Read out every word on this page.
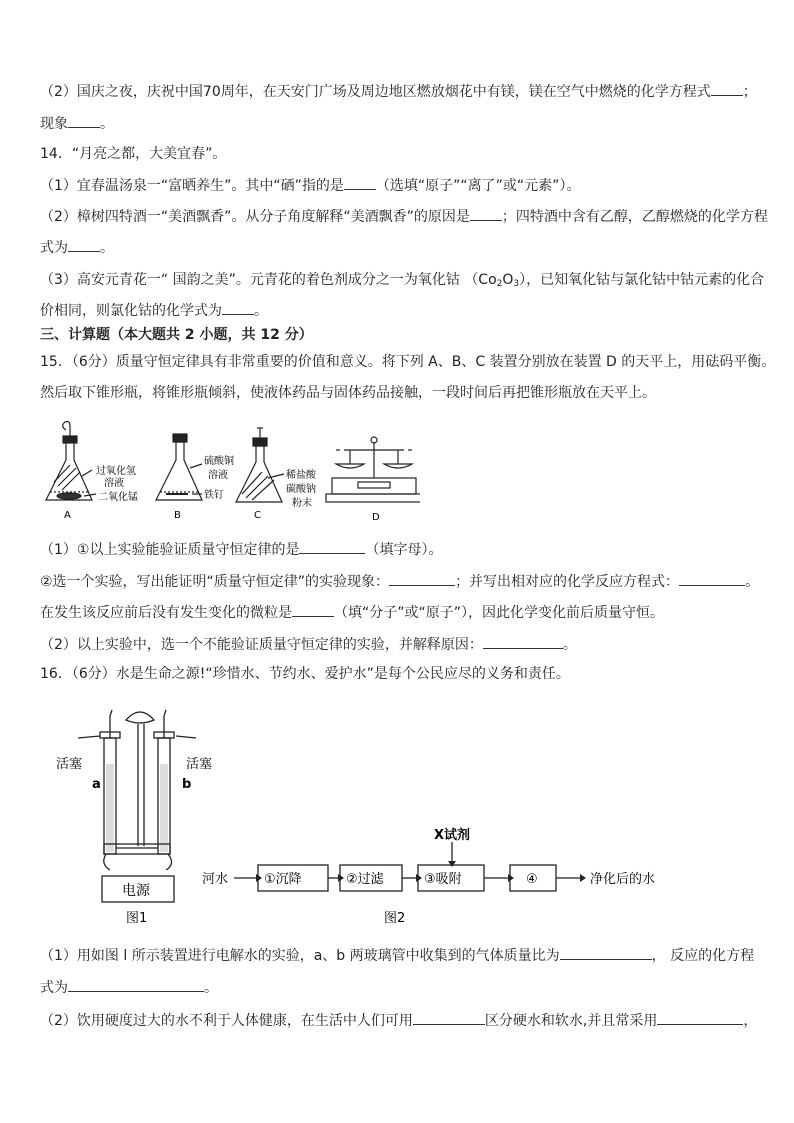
（2）国庆之夜，庆祝中国70周年，在天安门广场及周边地区燃放烟花中有镁，镁在空气中燃烧的化学方程式 ；
现象 。
14．“月亮之都，大美宜春”。
（1）宜春温汤泉一“富晒养生”。其中“硒”指的是 （选填“原子”“离了”或“元素”）。
（2）樟树四特酒一“美酒飘香”。从分子角度解释“美酒飘香”的原因是 ；四特酒中含有乙醇，乙醇燃烧的化学方程
式为 。
（3）高安元青花一“ 国韵之美”。元青花的着色剂成分之一为氧化钴 $(Co_2O_3)$，已知氧化钴与氯化钴中钴元素的化合
价相同，则氯化钴的化学式为 。
三、计算题（本大题共 2 小题，共 12 分）
15．（6分）质量守恒定律具有非常重要的价值和意义。将下列 A、B、C 装置分别放在装置 D 的天平上，用砝码平衡。
然后取下锥形瓶，将锥形瓶倾斜，使液体药品与固体药品接触，一段时间后再把锥形瓶放在天平上。
过氧化氢
溶液
二氧化锰
A
硫酸铜
溶液
铁钉
B
稀盐酸
碳酸钠
粉末
C	D
（1）①以上实验能验证质量守恒定律的是	（填字母）。
②选一个实验，写出能证明“质量守恒定律”的实验现象：	；并写出相对应的化学反应方程式：	。
在发生该反应前后没有发生变化的微粒是	（填“分子”或“原子”），因此化学变化前后质量守恒。
（2）以上实验中，选一个不能验证质量守恒定律的实验，并解释原因：	。
16．（6分）水是生命之源!“珍惜水、节约水、爱护水”是每个公民应尽的义务和责任。
活塞	活塞
a	b
电源
图1
X试剂
河水	①沉降	②过滤	③吸附	④	净化后的水
图2
（1）用如图 l 所示装置进行电解水的实验，a、b 两玻璃管中收集到的气体质量比为	， 反应的化方程
式为	。
（2）饮用硬度过大的水不利于人体健康，在生活中人们可用	区分硬水和软水,并且常采用	，
